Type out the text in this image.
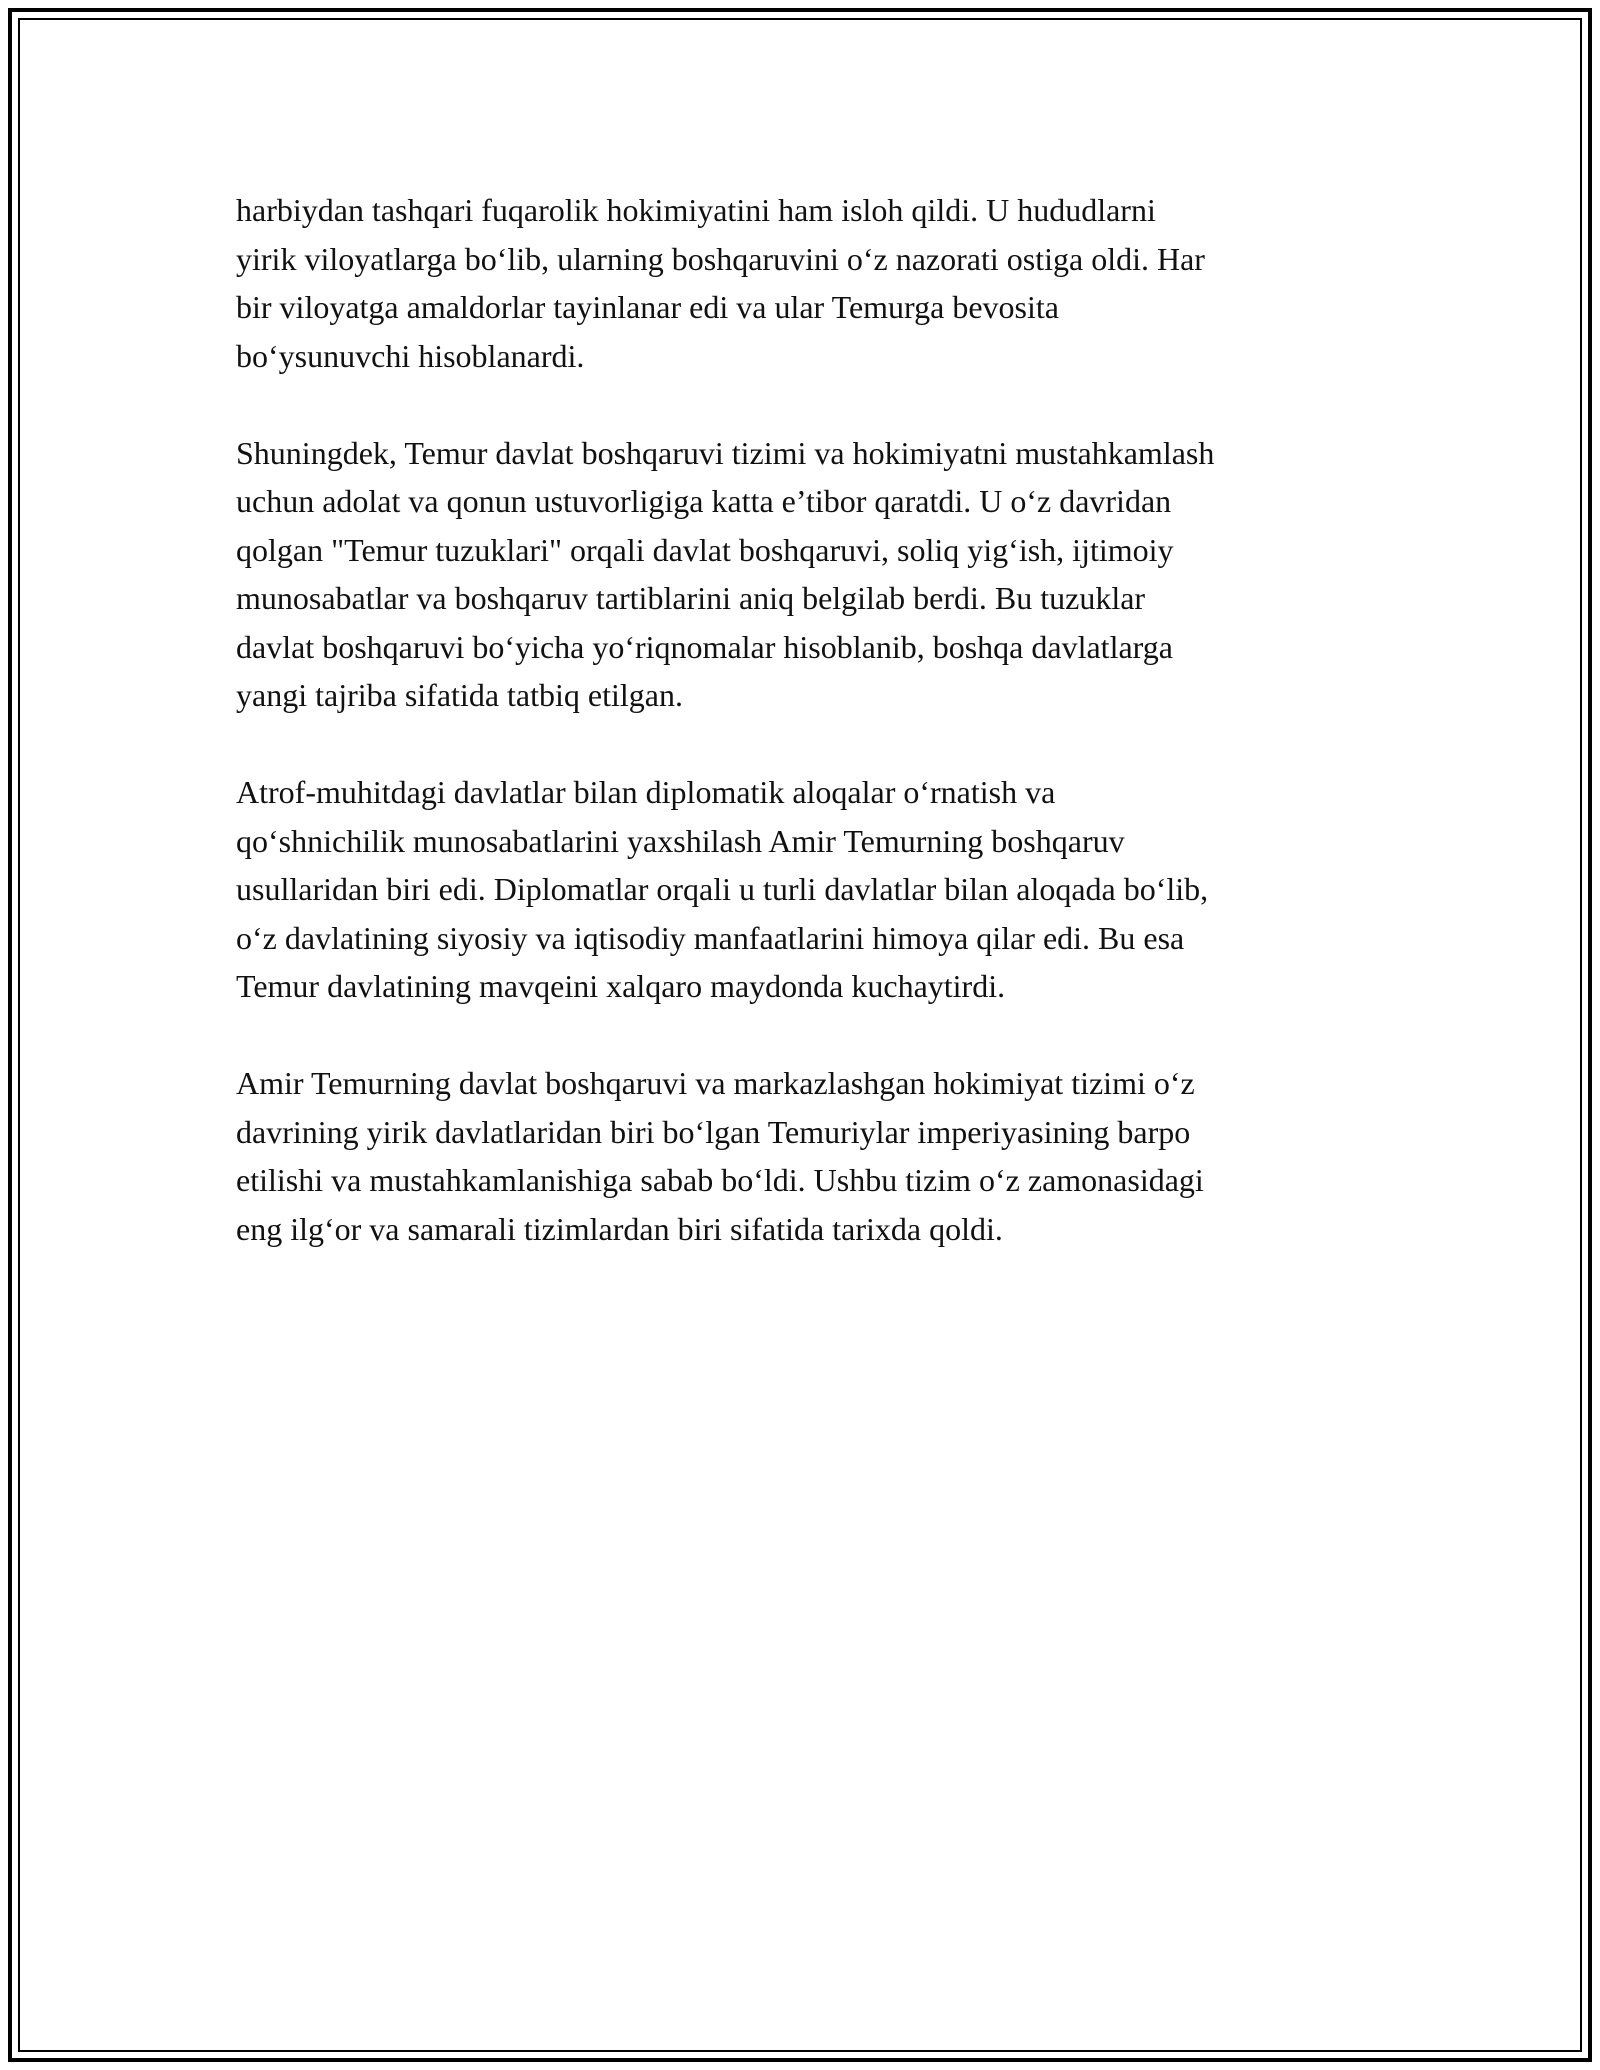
harbiydan tashqari fuqarolik hokimiyatini ham isloh qildi. U hududlarni
yirik viloyatlarga bo‘lib, ularning boshqaruvini o‘z nazorati ostiga oldi. Har
bir viloyatga amaldorlar tayinlanar edi va ular Temurga bevosita
bo‘ysunuvchi hisoblanardi.

Shuningdek, Temur davlat boshqaruvi tizimi va hokimiyatni mustahkamlash
uchun adolat va qonun ustuvorligiga katta e’tibor qaratdi. U o‘z davridan
qolgan "Temur tuzuklari" orqali davlat boshqaruvi, soliq yig‘ish, ijtimoiy
munosabatlar va boshqaruv tartiblarini aniq belgilab berdi. Bu tuzuklar
davlat boshqaruvi bo‘yicha yo‘riqnomalar hisoblanib, boshqa davlatlarga
yangi tajriba sifatida tatbiq etilgan.

Atrof-muhitdagi davlatlar bilan diplomatik aloqalar o‘rnatish va
qo‘shnichilik munosabatlarini yaxshilash Amir Temurning boshqaruv
usullaridan biri edi. Diplomatlar orqali u turli davlatlar bilan aloqada bo‘lib,
o‘z davlatining siyosiy va iqtisodiy manfaatlarini himoya qilar edi. Bu esa
Temur davlatining mavqeini xalqaro maydonda kuchaytirdi.

Amir Temurning davlat boshqaruvi va markazlashgan hokimiyat tizimi o‘z
davrining yirik davlatlaridan biri bo‘lgan Temuriylar imperiyasining barpo
etilishi va mustahkamlanishiga sabab bo‘ldi. Ushbu tizim o‘z zamonasidagi
eng ilg‘or va samarali tizimlardan biri sifatida tarixda qoldi.
